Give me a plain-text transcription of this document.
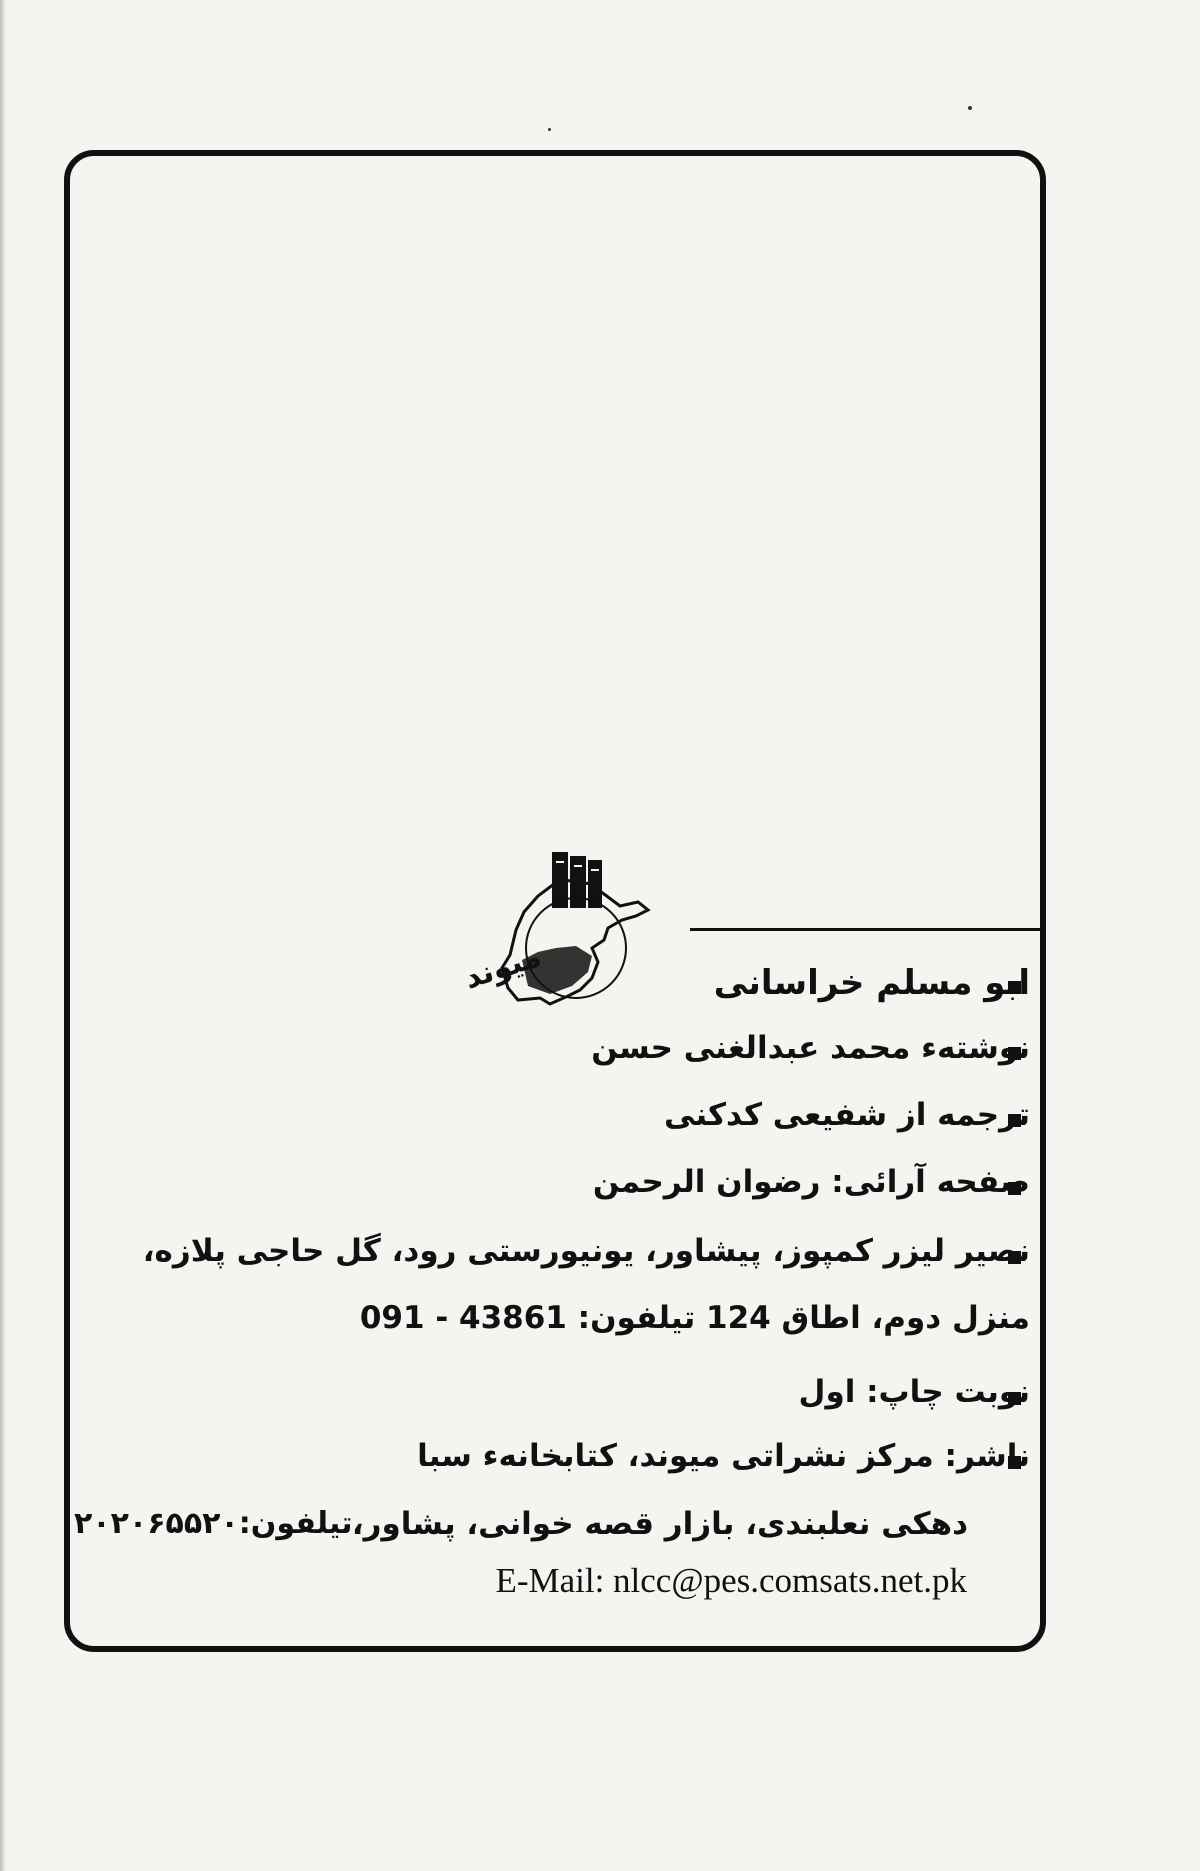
میوند	ابو مسلم خراسانی
نوشتهء محمد عبدالغنی حسن
ترجمه از شفیعی کدکنی
صفحه آرائی: رضوان الرحمن
نصیر لیزر کمپوز، پیشاور، یونیورستی رود، گل حاجی پلازه،
منزل دوم، اطاق 124 تیلفون: 43861 - 091
نوبت چاپ: اول
ناشر: مرکز نشراتی میوند، کتابخانهء سبا
دهکی نعلبندی، بازار قصه خوانی، پشاور،
تیلفون:۲۰۲۰۶۵۵۲۰
E-Mail: nlcc@pes.comsats.net.pk
